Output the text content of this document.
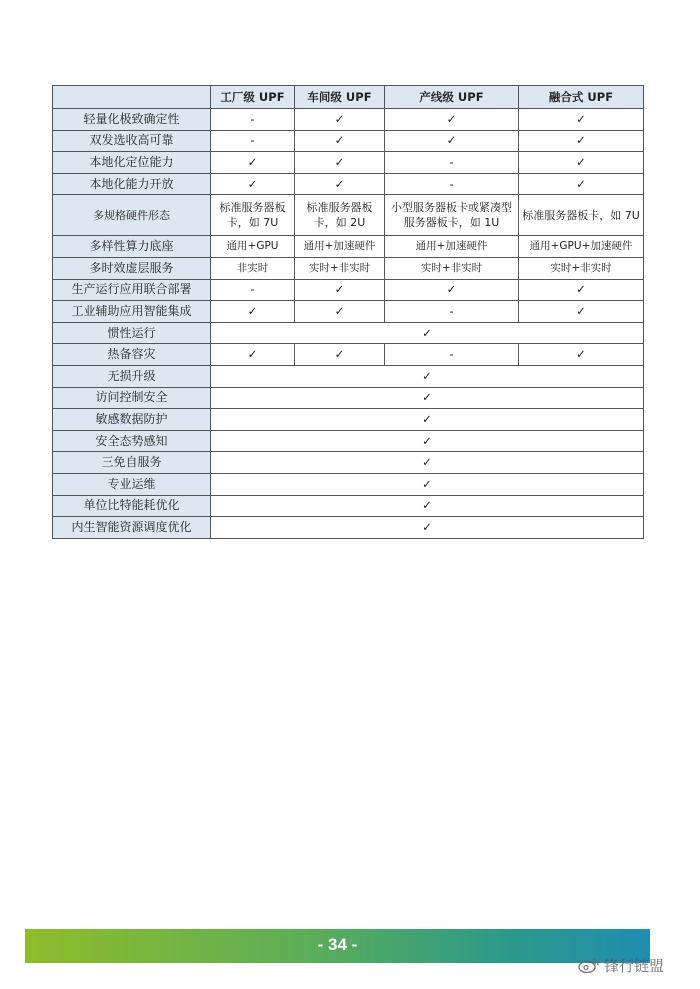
	工厂级 UPF	车间级 UPF	产线级 UPF	融合式 UPF
轻量化极致确定性	-	✓	✓	✓
双发选收高可靠	-	✓	✓	✓
本地化定位能力	✓	✓	-	✓
本地化能力开放	✓	✓	-	✓
多规格硬件形态	标准服务器板卡，如 7U	标准服务器板卡，如 2U	小型服务器板卡或紧凑型服务器板卡，如 1U	标准服务器板卡，如 7U
多样性算力底座	通用+GPU	通用+加速硬件	通用+加速硬件	通用+GPU+加速硬件
多时效虚层服务	非实时	实时+非实时	实时+非实时	实时+非实时
生产运行应用联合部署	-	✓	✓	✓
工业辅助应用智能集成	✓	✓	-	✓
惯性运行	✓			
热备容灾	✓	✓	-	✓
无损升级	✓			
访问控制安全	✓			
敏感数据防护	✓			
安全态势感知	✓			
三免自服务	✓			
专业运维	✓			
单位比特能耗优化	✓			
内生智能资源调度优化	✓			
- 34 -
锋行链盟
